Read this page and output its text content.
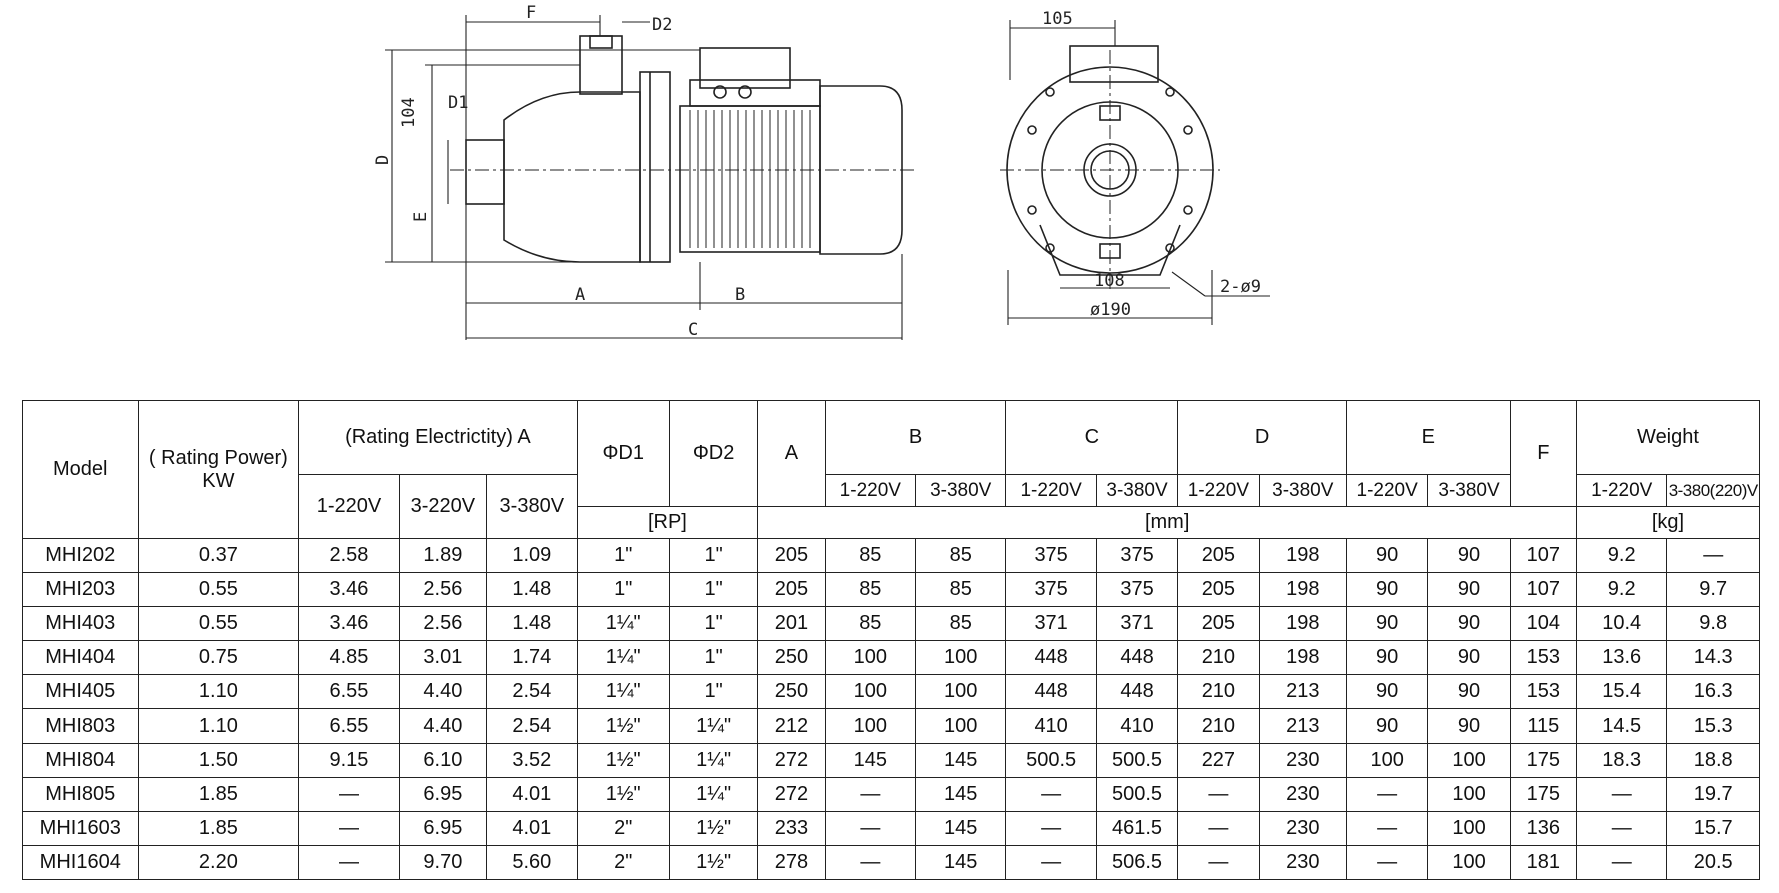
F
D2
D1
104
D
E
A	B
C
105
108
ø190
2-ø9
Model	( Rating Power) KW	(Rating Electrictity) A			ΦD1	ΦD2	A	B		C		D		E		F	Weight	
		1-220V	3-220V	3-380V				1-220V	3-380V	1-220V	3-380V	1-220V	3-380V	1-220V	3-380V		1-220V	3-380(220)V
					[RP]		[mm]										[kg]	
MHI202	0.37	2.58	1.89	1.09	1"	1"	205	85	85	375	375	205	198	90	90	107	9.2	—
MHI203	0.55	3.46	2.56	1.48	1"	1"	205	85	85	375	375	205	198	90	90	107	9.2	9.7
MHI403	0.55	3.46	2.56	1.48	1¼"	1"	201	85	85	371	371	205	198	90	90	104	10.4	9.8
MHI404	0.75	4.85	3.01	1.74	1¼"	1"	250	100	100	448	448	210	198	90	90	153	13.6	14.3
MHI405	1.10	6.55	4.40	2.54	1¼"	1"	250	100	100	448	448	210	213	90	90	153	15.4	16.3
MHI803	1.10	6.55	4.40	2.54	1½"	1¼"	212	100	100	410	410	210	213	90	90	115	14.5	15.3
MHI804	1.50	9.15	6.10	3.52	1½"	1¼"	272	145	145	500.5	500.5	227	230	100	100	175	18.3	18.8
MHI805	1.85	—	6.95	4.01	1½"	1¼"	272	—	145	—	500.5	—	230	—	100	175	—	19.7
MHI1603	1.85	—	6.95	4.01	2"	1½"	233	—	145	—	461.5	—	230	—	100	136	—	15.7
MHI1604	2.20	—	9.70	5.60	2"	1½"	278	—	145	—	506.5	—	230	—	100	181	—	20.5
